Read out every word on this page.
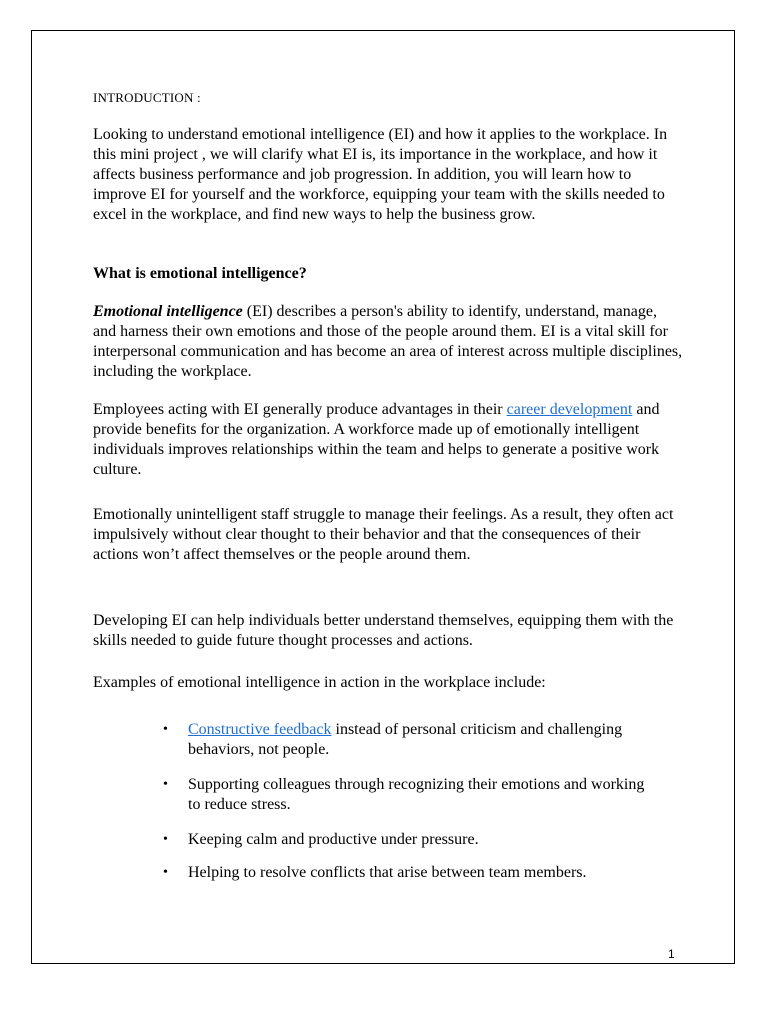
INTRODUCTION :

Looking to understand emotional intelligence (EI) and how it applies to the workplace. In this mini project , we will clarify what EI is, its importance in the workplace, and how it affects business performance and job progression. In addition, you will learn how to improve EI for yourself and the workforce, equipping your team with the skills needed to excel in the workplace, and find new ways to help the business grow.

What is emotional intelligence?

Emotional intelligence (EI) describes a person's ability to identify, understand, manage, and harness their own emotions and those of the people around them. EI is a vital skill for interpersonal communication and has become an area of interest across multiple disciplines, including the workplace.

Employees acting with EI generally produce advantages in their career development and provide benefits for the organization. A workforce made up of emotionally intelligent individuals improves relationships within the team and helps to generate a positive work culture.

Emotionally unintelligent staff struggle to manage their feelings. As a result, they often act impulsively without clear thought to their behavior and that the consequences of their actions won’t affect themselves or the people around them.

Developing EI can help individuals better understand themselves, equipping them with the skills needed to guide future thought processes and actions.

Examples of emotional intelligence in action in the workplace include:

• Constructive feedback instead of personal criticism and challenging behaviors, not people.
• Supporting colleagues through recognizing their emotions and working to reduce stress.
• Keeping calm and productive under pressure.
• Helping to resolve conflicts that arise between team members.
1
